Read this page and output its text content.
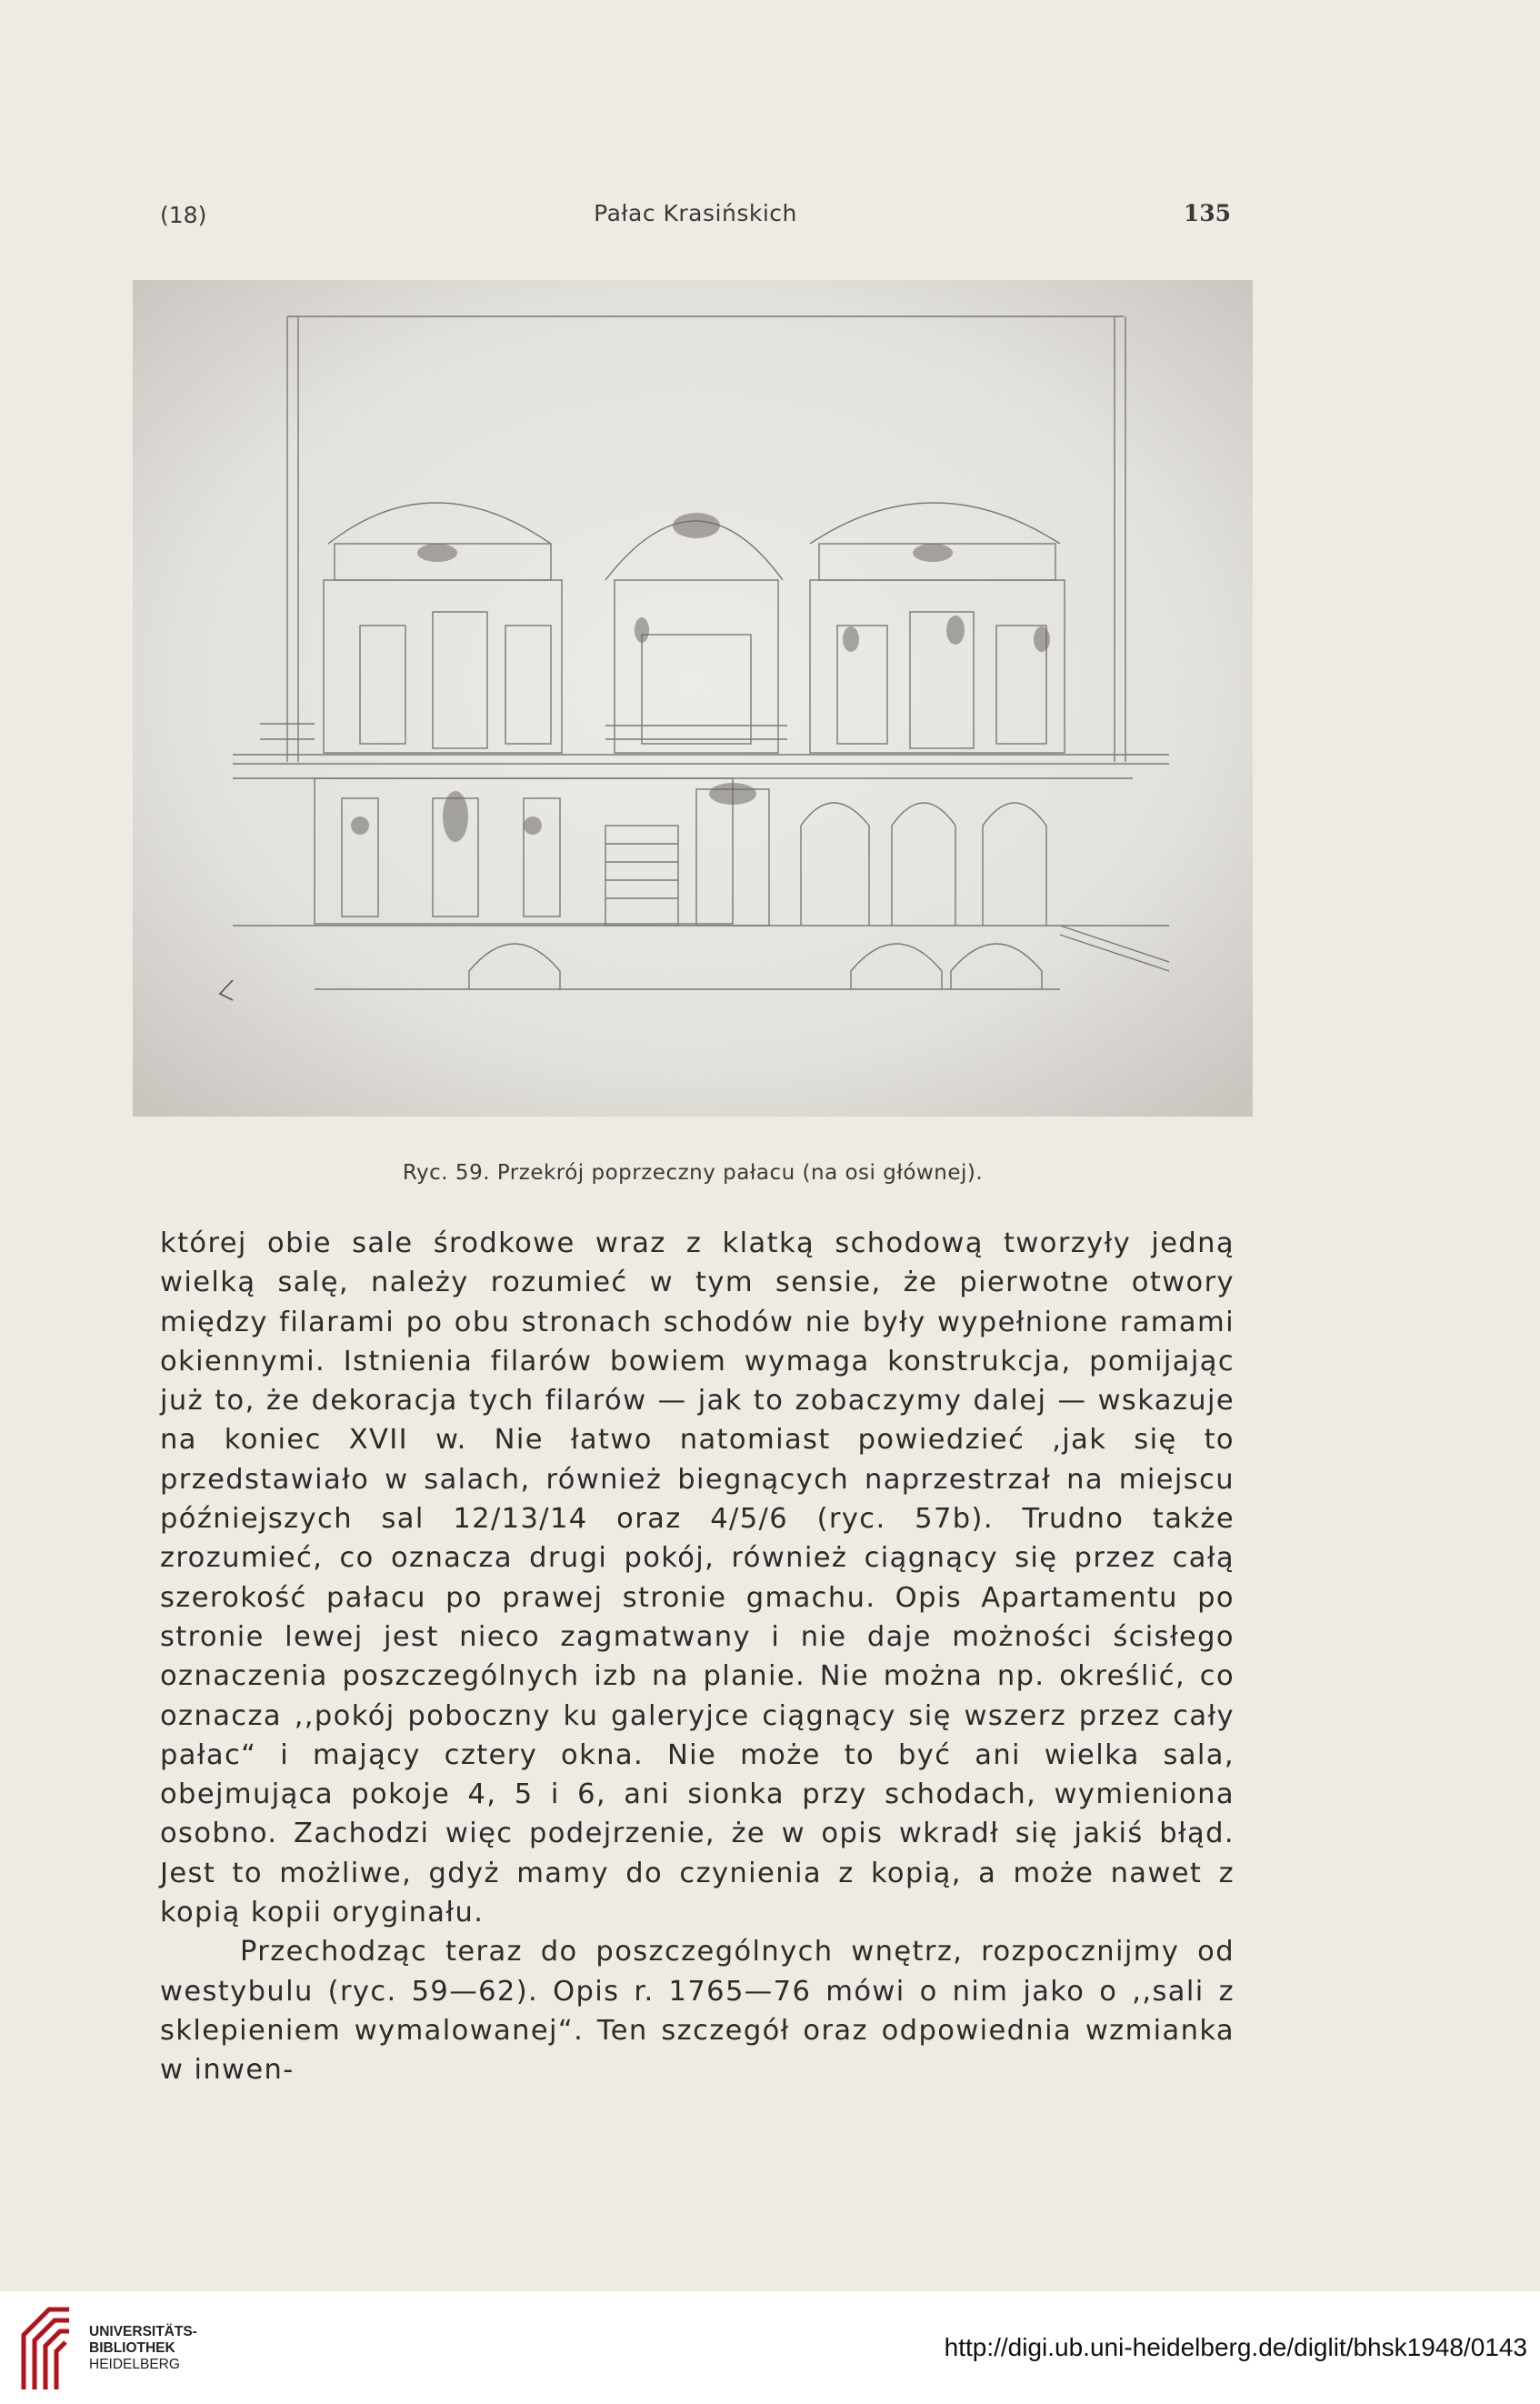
(18)	Pałac Krasińskich	135
Ryc. 59. Przekrój poprzeczny pałacu (na osi głównej).

której obie sale środkowe wraz z klatką schodową tworzyły jedną wielką salę, należy rozumieć w tym sensie, że pierwotne otwory między filarami po obu stronach schodów nie były wypełnione ramami okiennymi. Istnienia filarów bowiem wymaga konstrukcja, pomijając już to, że dekoracja tych filarów — jak to zobaczymy dalej — wskazuje na koniec XVII w. Nie łatwo natomiast powiedzieć ,jak się to przedstawiało w salach, również biegnących naprzestrzał na miejscu późniejszych sal 12/13/14 oraz 4/5/6 (ryc. 57b). Trudno także zrozumieć, co oznacza drugi pokój, również ciągnący się przez całą szerokość pałacu po prawej stronie gmachu. Opis Apartamentu po stronie lewej jest nieco zagmatwany i nie daje możności ścisłego oznaczenia poszczególnych izb na planie. Nie można np. określić, co oznacza ,,pokój poboczny ku galeryjce ciągnący się wszerz przez cały pałac“ i mający cztery okna. Nie może to być ani wielka sala, obejmująca pokoje 4, 5 i 6, ani sionka przy schodach, wymieniona osobno. Zachodzi więc podejrzenie, że w opis wkradł się jakiś błąd. Jest to możliwe, gdyż mamy do czynienia z kopią, a może nawet z kopią kopii oryginału.

Przechodząc teraz do poszczególnych wnętrz, rozpocznijmy od westybulu (ryc. 59—62). Opis r. 1765—76 mówi o nim jako o ,,sali z sklepieniem wymalowanej“. Ten szczegół oraz odpowiednia wzmianka w inwen-

UNIVERSITÄTS-
BIBLIOTHEK
HEIDELBERG
http://digi.ub.uni-heidelberg.de/diglit/bhsk1948/0143
